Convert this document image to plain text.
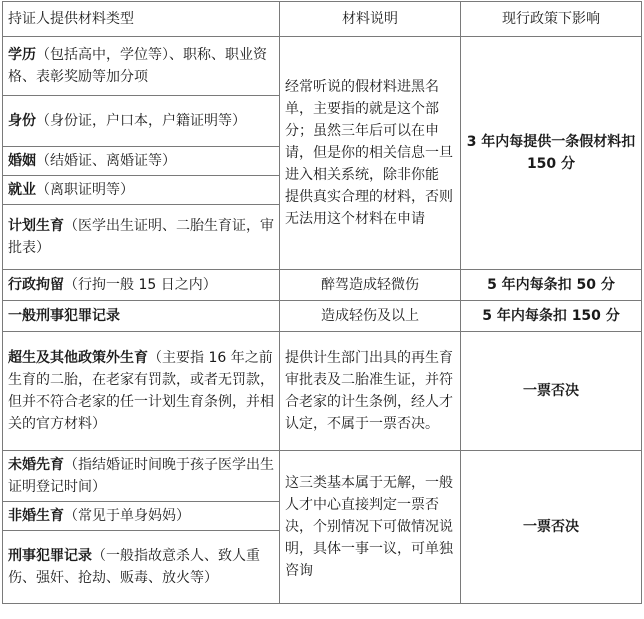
持证人提供材料类型	材料说明	现行政策下影响
学历（包括高中，学位等）、职称、职业资格、表彰奖励等加分项	经常听说的假材料进黑名单，主要指的就是这个部分；虽然三年后可以在申请，但是你的相关信息一旦进入相关系统，除非你能 提供真实合理的材料，否则无法用这个材料在申请	3 年内每提供一条假材料扣 150 分
身份（身份证，户口本，户籍证明等）		
婚姻（结婚证、离婚证等）		
就业（离职证明等）		
计划生育（医学出生证明、二胎生育证，审批表）		
行政拘留（行拘一般 15 日之内）	醉驾造成轻微伤	5 年内每条扣 50 分
一般刑事犯罪记录	造成轻伤及以上	5 年内每条扣 150 分
超生及其他政策外生育（主要指 16 年之前生育的二胎，在老家有罚款，或者无罚款，但并不符合老家的任一计划生育条例，并相关的官方材料）	提供计生部门出具的再生育审批表及二胎准生证，并符合老家的计生条例，经人才认定，不属于一票否决。	一票否决
未婚先育（指结婚证时间晚于孩子医学出生证明登记时间）	这三类基本属于无解，一般人才中心直接判定一票否决，个别情况下可做情况说明，具体一事一议，可单独咨询	一票否决
非婚生育（常见于单身妈妈）		
刑事犯罪记录（一般指故意杀人、致人重伤、强奸、抢劫、贩毒、放火等）		
